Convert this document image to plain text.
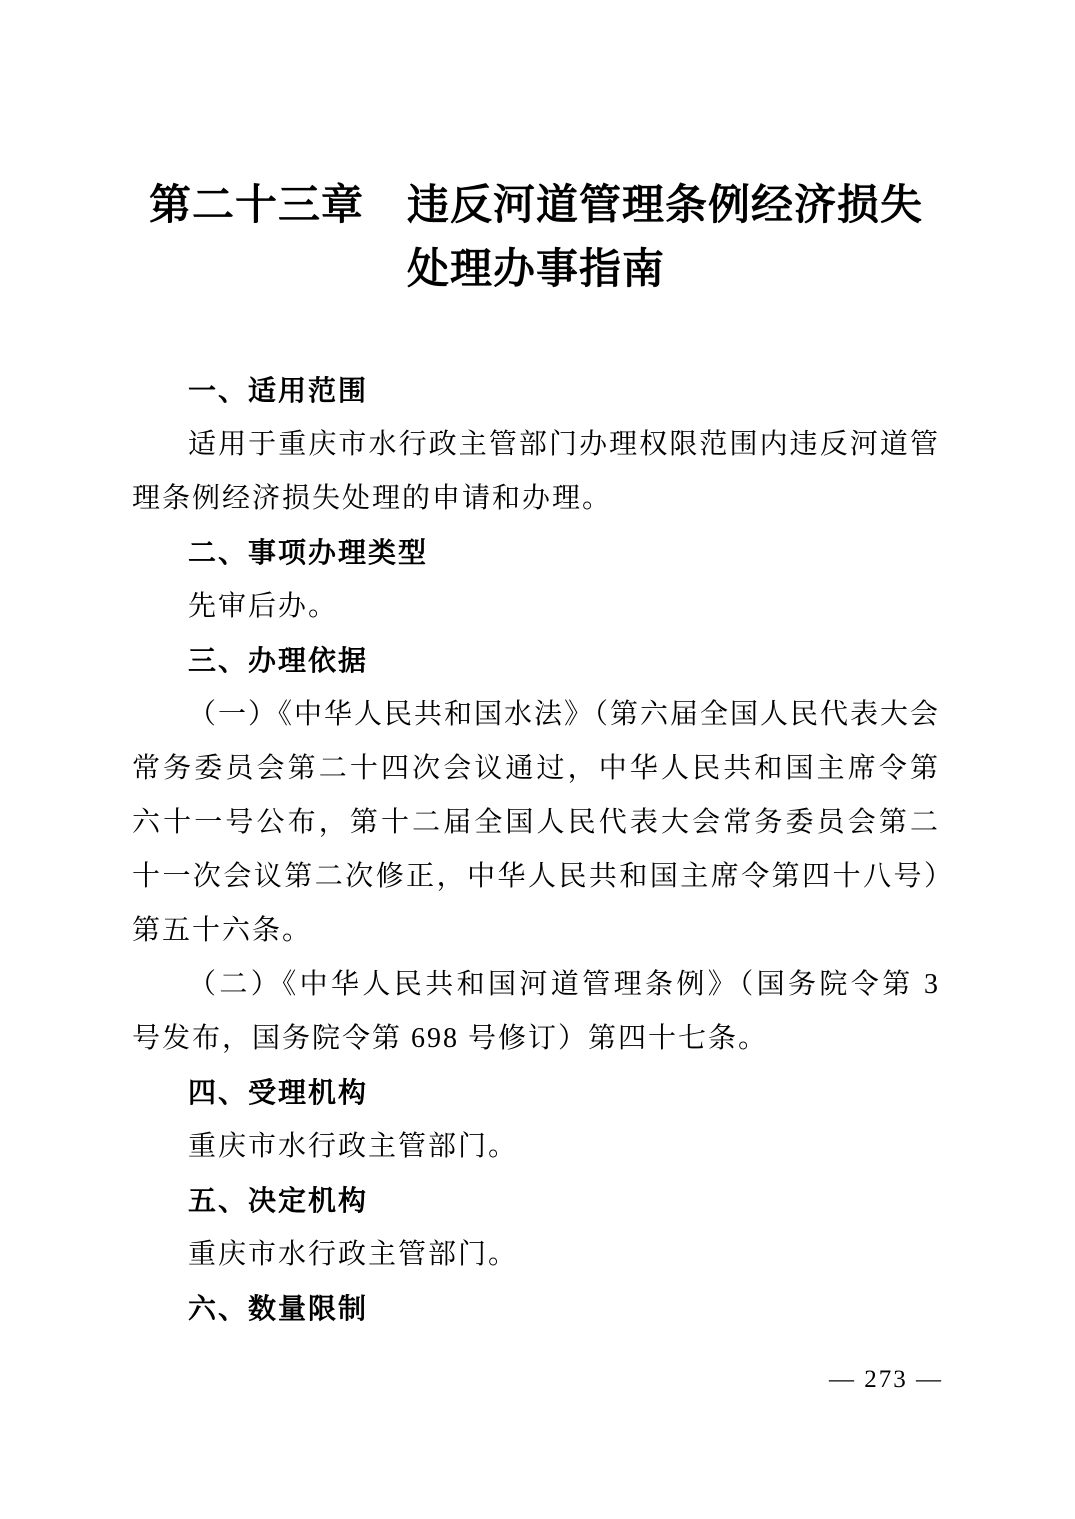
第二十三章　违反河道管理条例经济损失
处理办事指南
一、适用范围

适用于重庆市水行政主管部门办理权限范围内违反河道管理条例经济损失处理的申请和办理。

二、事项办理类型

先审后办。

三、办理依据

（一）《中华人民共和国水法》（第六届全国人民代表大会常务委员会第二十四次会议通过，中华人民共和国主席令第六十一号公布，第十二届全国人民代表大会常务委员会第二十一次会议第二次修正，中华人民共和国主席令第四十八号）第五十六条。

（二）《中华人民共和国河道管理条例》（国务院令第 3 号发布，国务院令第 698 号修订）第四十七条。

四、受理机构

重庆市水行政主管部门。

五、决定机构

重庆市水行政主管部门。

六、数量限制
— 273 —
